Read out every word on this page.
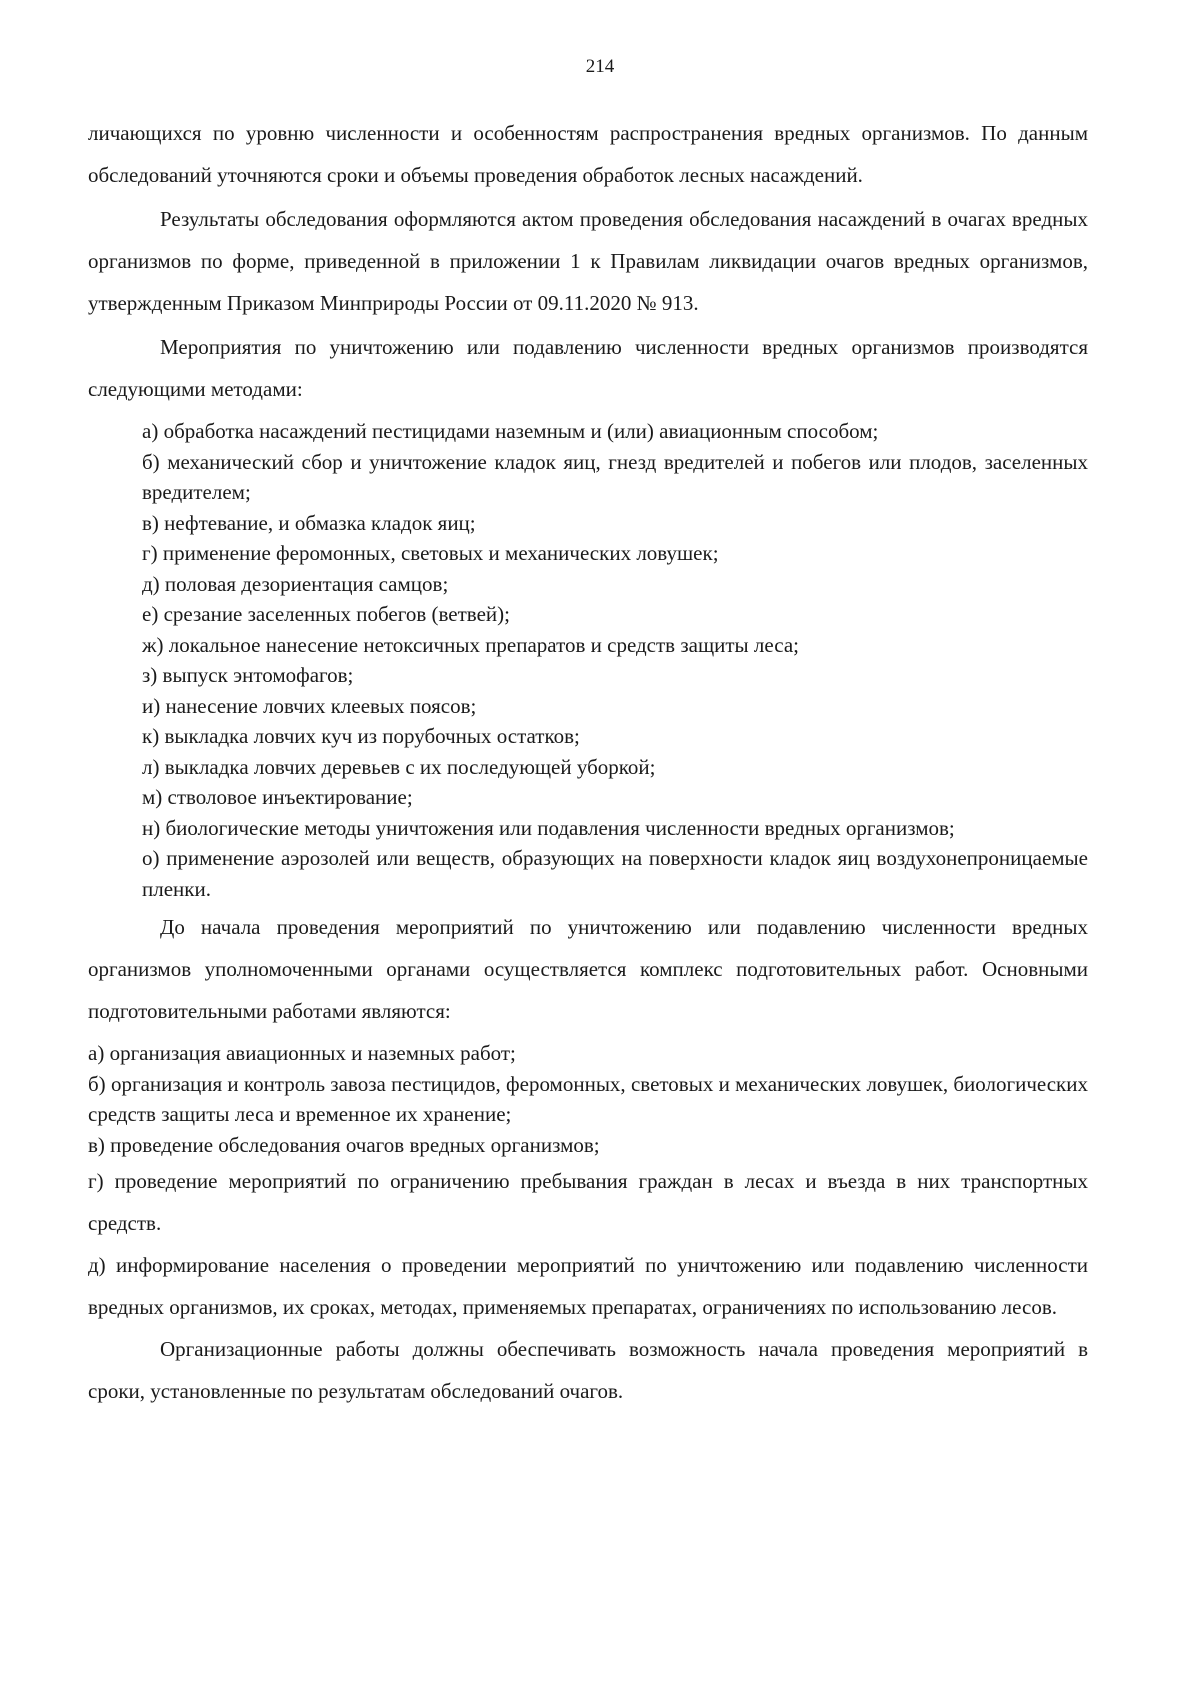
214

личающихся по уровню численности и особенностям распространения вредных организмов. По данным обследований уточняются сроки и объемы проведения обработок лесных насаждений.

Результаты обследования оформляются актом проведения обследования насаждений в очагах вредных организмов по форме, приведенной в приложении 1 к Правилам ликвидации очагов вредных организмов, утвержденным Приказом Минприроды России от 09.11.2020 № 913.

Мероприятия по уничтожению или подавлению численности вредных организмов производятся следующими методами:

а) обработка насаждений пестицидами наземным и (или) авиационным способом;
б) механический сбор и уничтожение кладок яиц, гнезд вредителей и побегов или плодов, заселенных вредителем;
в) нефтевание, и обмазка кладок яиц;
г) применение феромонных, световых и механических ловушек;
д) половая дезориентация самцов;
е) срезание заселенных побегов (ветвей);
ж) локальное нанесение нетоксичных препаратов и средств защиты леса;
з) выпуск энтомофагов;
и) нанесение ловчих клеевых поясов;
к) выкладка ловчих куч из порубочных остатков;
л) выкладка ловчих деревьев с их последующей уборкой;
м) стволовое инъектирование;
н) биологические методы уничтожения или подавления численности вредных организмов;
о) применение аэрозолей или веществ, образующих на поверхности кладок яиц воздухонепроницаемые пленки.

До начала проведения мероприятий по уничтожению или подавлению численности вредных организмов уполномоченными органами осуществляется комплекс подготовительных работ. Основными подготовительными работами являются:

а) организация авиационных и наземных работ;
б) организация и контроль завоза пестицидов, феромонных, световых и механических ловушек, биологических средств защиты леса и временное их хранение;
в) проведение обследования очагов вредных организмов;
г) проведение мероприятий по ограничению пребывания граждан в лесах и въезда в них транспортных средств.
д) информирование населения о проведении мероприятий по уничтожению или подавлению численности вредных организмов, их сроках, методах, применяемых препаратах, ограничениях по использованию лесов.

Организационные работы должны обеспечивать возможность начала проведения мероприятий в сроки, установленные по результатам обследований очагов.
